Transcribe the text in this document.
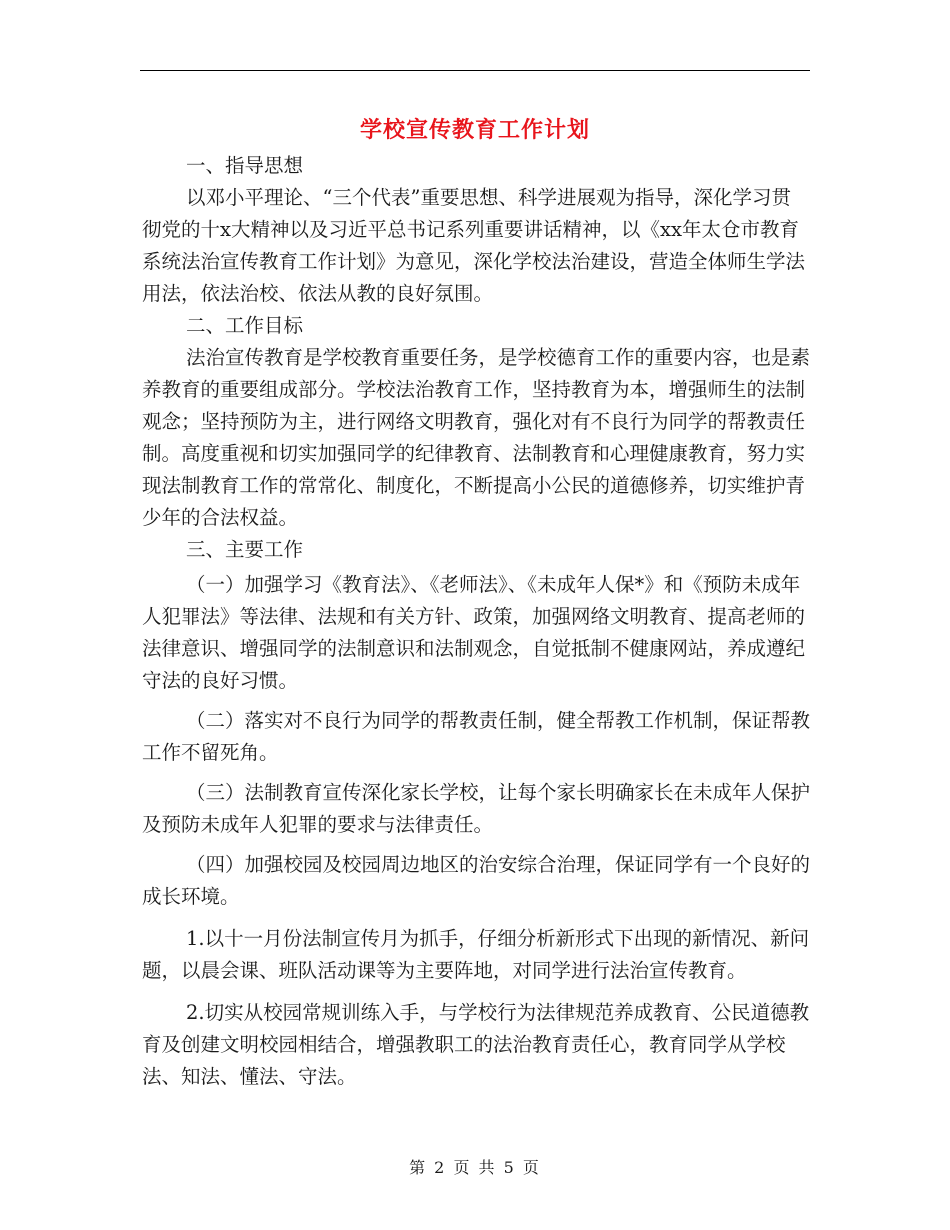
学校宣传教育工作计划

一、指导思想

以邓小平理论、“三个代表”重要思想、科学进展观为指导，深化学习贯彻党的十x大精神以及习近平总书记系列重要讲话精神，以《xx年太仓市教育系统法治宣传教育工作计划》为意见，深化学校法治建设，营造全体师生学法用法，依法治校、依法从教的良好氛围。

二、工作目标

法治宣传教育是学校教育重要任务，是学校德育工作的重要内容，也是素养教育的重要组成部分。学校法治教育工作，坚持教育为本，增强师生的法制观念；坚持预防为主，进行网络文明教育，强化对有不良行为同学的帮教责任制。高度重视和切实加强同学的纪律教育、法制教育和心理健康教育，努力实现法制教育工作的常常化、制度化，不断提高小公民的道德修养，切实维护青少年的合法权益。

三、主要工作

（一）加强学习《教育法》、《老师法》、《未成年人保*》和《预防未成年人犯罪法》等法律、法规和有关方针、政策，加强网络文明教育、提高老师的法律意识、增强同学的法制意识和法制观念，自觉抵制不健康网站，养成遵纪守法的良好习惯。

（二）落实对不良行为同学的帮教责任制，健全帮教工作机制，保证帮教工作不留死角。

（三）法制教育宣传深化家长学校，让每个家长明确家长在未成年人保护及预防未成年人犯罪的要求与法律责任。

（四）加强校园及校园周边地区的治安综合治理，保证同学有一个良好的成长环境。

1.以十一月份法制宣传月为抓手，仔细分析新形式下出现的新情况、新问题，以晨会课、班队活动课等为主要阵地，对同学进行法治宣传教育。

2.切实从校园常规训练入手，与学校行为法律规范养成教育、公民道德教育及创建文明校园相结合，增强教职工的法治教育责任心，教育同学从学校法、知法、懂法、守法。

第 2 页 共 5 页
